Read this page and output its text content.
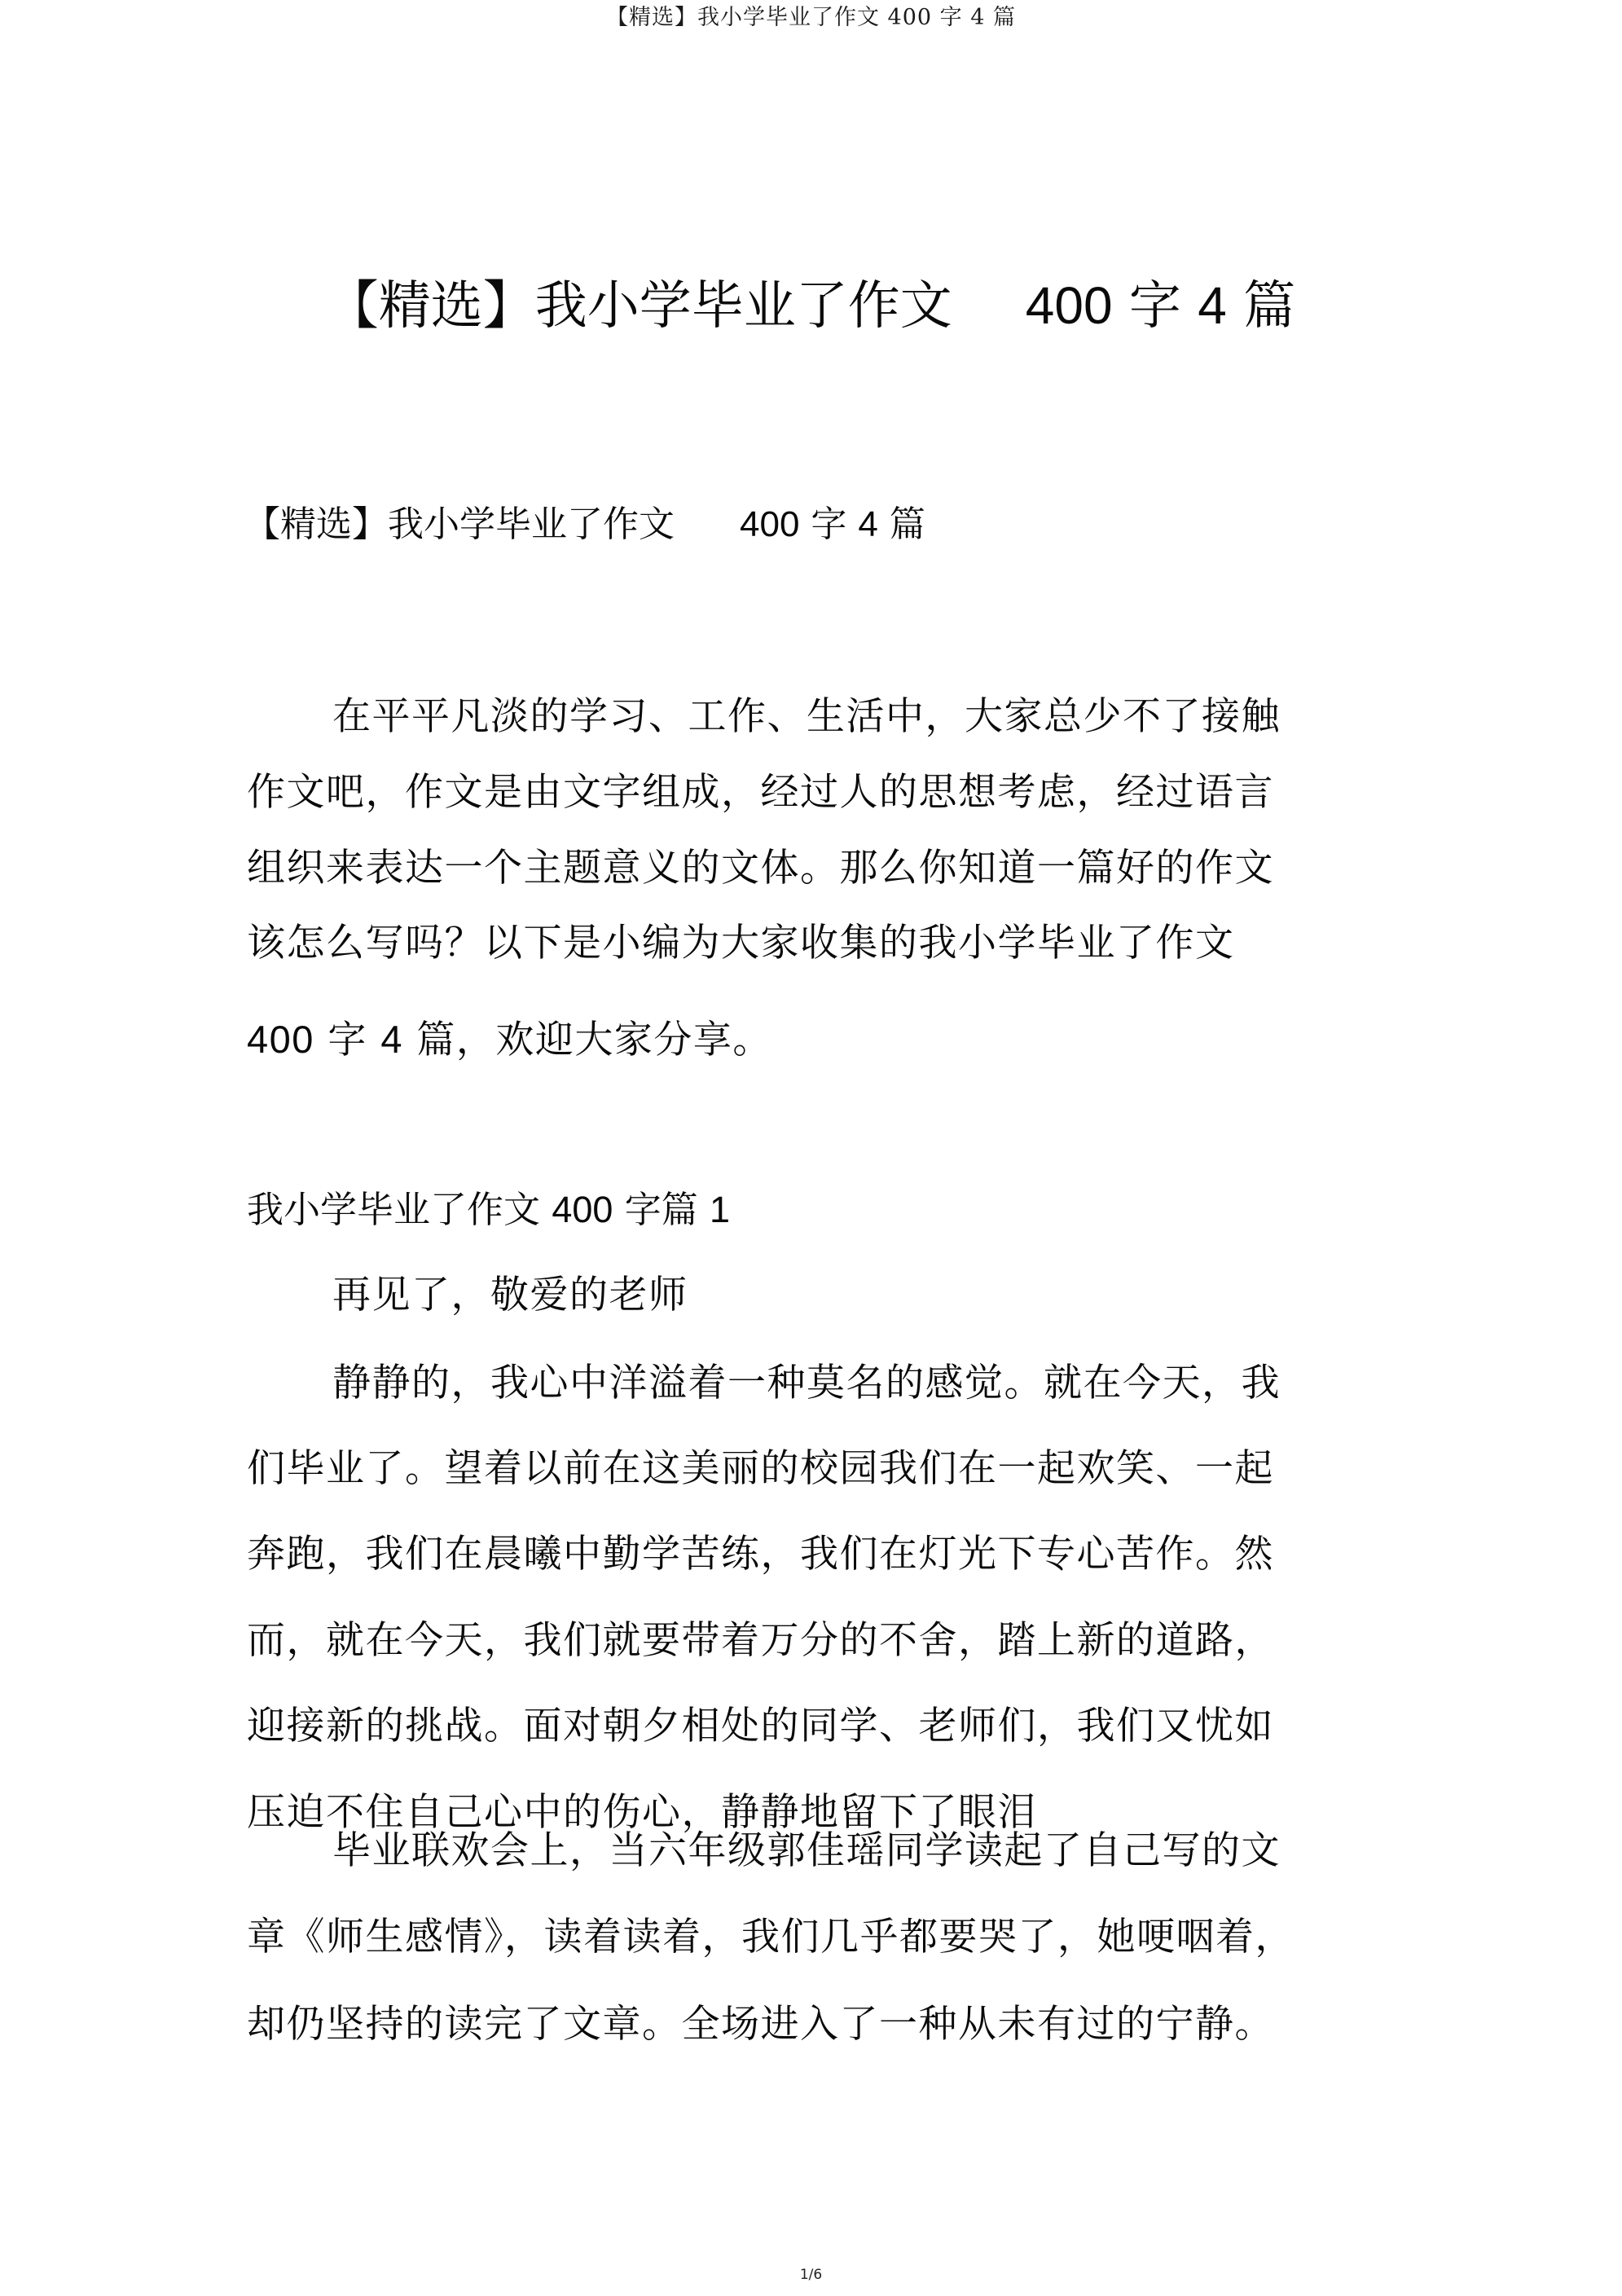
【精选】我小学毕业了作文 400 字 4 篇
【精选】我小学毕业了作文 400 字 4 篇
【精选】我小学毕业了作文 400 字 4 篇
在平平凡淡的学习、工作、生活中，大家总少不了接触
作文吧，作文是由文字组成，经过人的思想考虑，经过语言
组织来表达一个主题意义的文体。那么你知道一篇好的作文
该怎么写吗？以下是小编为大家收集的我小学毕业了作文
400 字 4 篇，欢迎大家分享。
我小学毕业了作文 400 字篇 1
再见了，敬爱的老师
静静的，我心中洋溢着一种莫名的感觉。就在今天，我
们毕业了。望着以前在这美丽的校园我们在一起欢笑、一起
奔跑，我们在晨曦中勤学苦练，我们在灯光下专心苦作。然
而，就在今天，我们就要带着万分的不舍，踏上新的道路，
迎接新的挑战。面对朝夕相处的同学、老师们，我们又忧如
压迫不住自己心中的伤心，静静地留下了眼泪
毕业联欢会上，当六年级郭佳瑶同学读起了自己写的文
章《师生感情》，读着读着，我们几乎都要哭了，她哽咽着，
却仍坚持的读完了文章。全场进入了一种从未有过的宁静。
1/6
